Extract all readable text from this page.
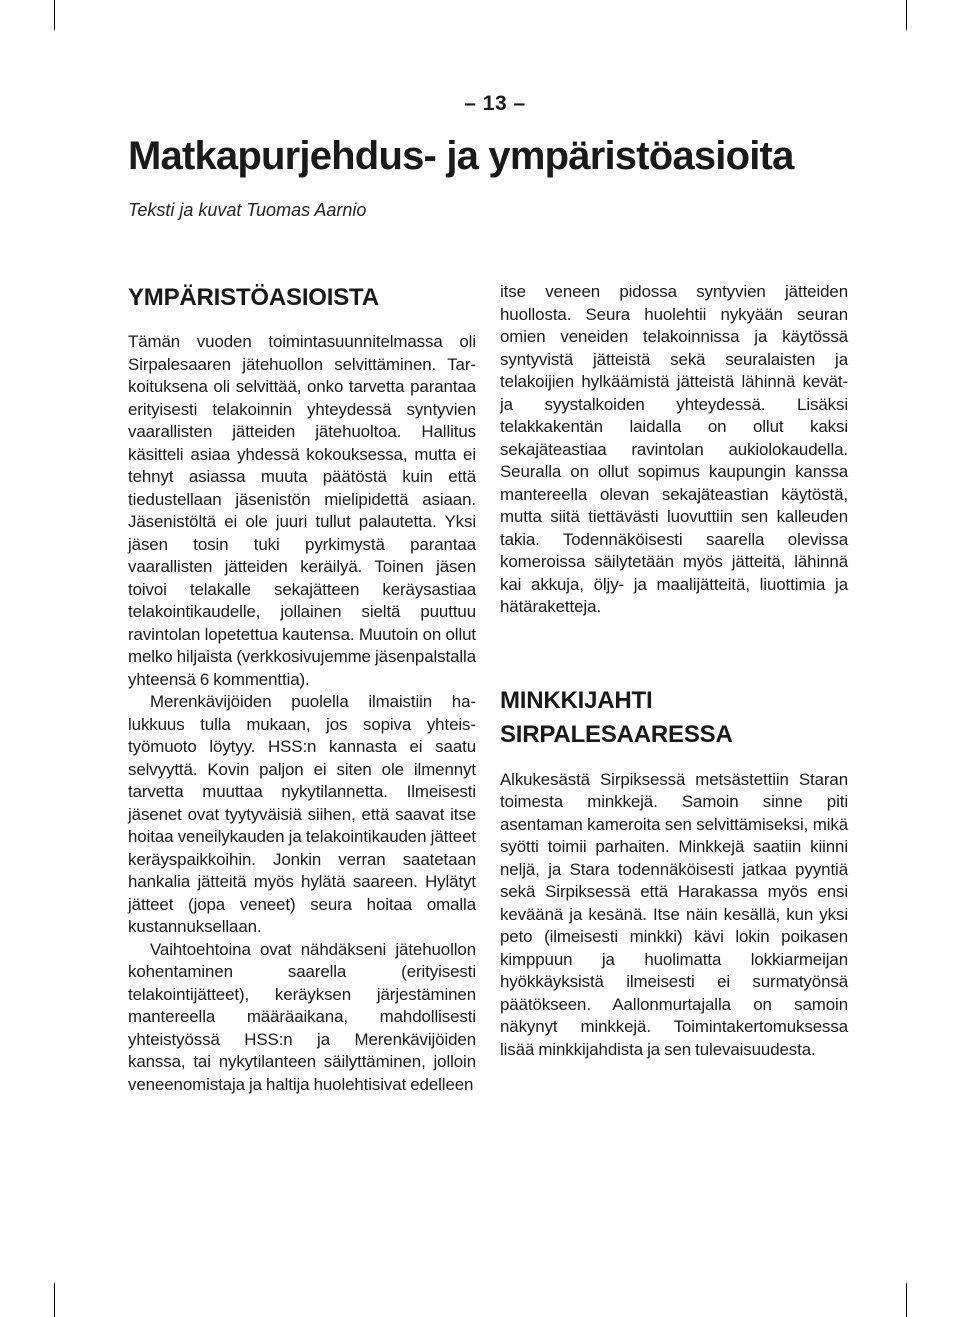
– 13 –
Matkapurjehdus- ja ympäristöasioita

Teksti ja kuvat Tuomas Aarnio

YMPÄRISTÖASIOISTA

Tämän vuoden toimintasuunnitelmassa oli Sirpalesaaren jätehuollon selvittäminen. Tarkoituksena oli selvittää, onko tarvetta parantaa erityisesti telakoinnin yhteydessä syntyvien vaarallisten jätteiden jätehuoltoa. Hallitus käsitteli asiaa yhdessä kokouksessa, mutta ei tehnyt asiassa muuta päätöstä kuin että tiedustellaan jäsenistön mielipidettä asiaan. Jäsenistöltä ei ole juuri tullut palautetta. Yksi jäsen tosin tuki pyrkimystä parantaa vaarallisten jätteiden keräilyä. Toinen jäsen toivoi telakalle sekajätteen keräysastiaa telakointikaudelle, jollainen sieltä puuttuu ravintolan lopetettua kautensa. Muutoin on ollut melko hiljaista (verkkosivujemme jäsenpalstalla yhteensä 6 kommenttia).

Merenkävijöiden puolella ilmaistiin halukkuus tulla mukaan, jos sopiva yhteistyömuoto löytyy. HSS:n kannasta ei saatu selvyyttä. Kovin paljon ei siten ole ilmennyt tarvetta muuttaa nykytilannetta. Ilmeisesti jäsenet ovat tyytyväisiä siihen, että saavat itse hoitaa veneilykauden ja telakointikauden jätteet keräyspaikkoihin. Jonkin verran saatetaan hankalia jätteitä myös hylätä saareen. Hylätyt jätteet (jopa veneet) seura hoitaa omalla kustannuksellaan.

Vaihtoehtoina ovat nähdäkseni jätehuollon kohentaminen saarella (erityisesti telakointijätteet), keräyksen järjestäminen mantereella määräaikana, mahdollisesti yhteistyössä HSS:n ja Merenkävijöiden kanssa, tai nykytilanteen säilyttäminen, jolloin veneenomistaja ja haltija huolehtisivat edelleen

itse veneen pidossa syntyvien jätteiden huollosta. Seura huolehtii nykyään seuran omien veneiden telakoinnissa ja käytössä syntyvistä jätteistä sekä seuralaisten ja telakoijien hylkäämistä jätteistä lähinnä kevät- ja syystalkoiden yhteydessä. Lisäksi telakkakentän laidalla on ollut kaksi sekajäteastiaa ravintolan aukiolokaudella. Seuralla on ollut sopimus kaupungin kanssa mantereella olevan sekajäteastian käytöstä, mutta siitä tiettävästi luovuttiin sen kalleuden takia. Todennäköisesti saarella olevissa komeroissa säilytetään myös jätteitä, lähinnä kai akkuja, öljy- ja maalijätteitä, liuottimia ja hätäraketteja.

MINKKIJAHTI
SIRPALESAARESSA

Alkukesästä Sirpiksessä metsästettiin Staran toimesta minkkejä. Samoin sinne piti asentaman kameroita sen selvittämiseksi, mikä syötti toimii parhaiten. Minkkejä saatiin kiinni neljä, ja Stara todennäköisesti jatkaa pyyntiä sekä Sirpiksessä että Harakassa myös ensi keväänä ja kesänä. Itse näin kesällä, kun yksi peto (ilmeisesti minkki) kävi lokin poikasen kimppuun ja huolimatta lokkiarmeijan hyökkäyksistä ilmeisesti ei surmatyönsä päätökseen. Aallonmurtajalla on samoin näkynyt minkkejä. Toimintakertomuksessa lisää minkkijahdista ja sen tulevaisuudesta.
